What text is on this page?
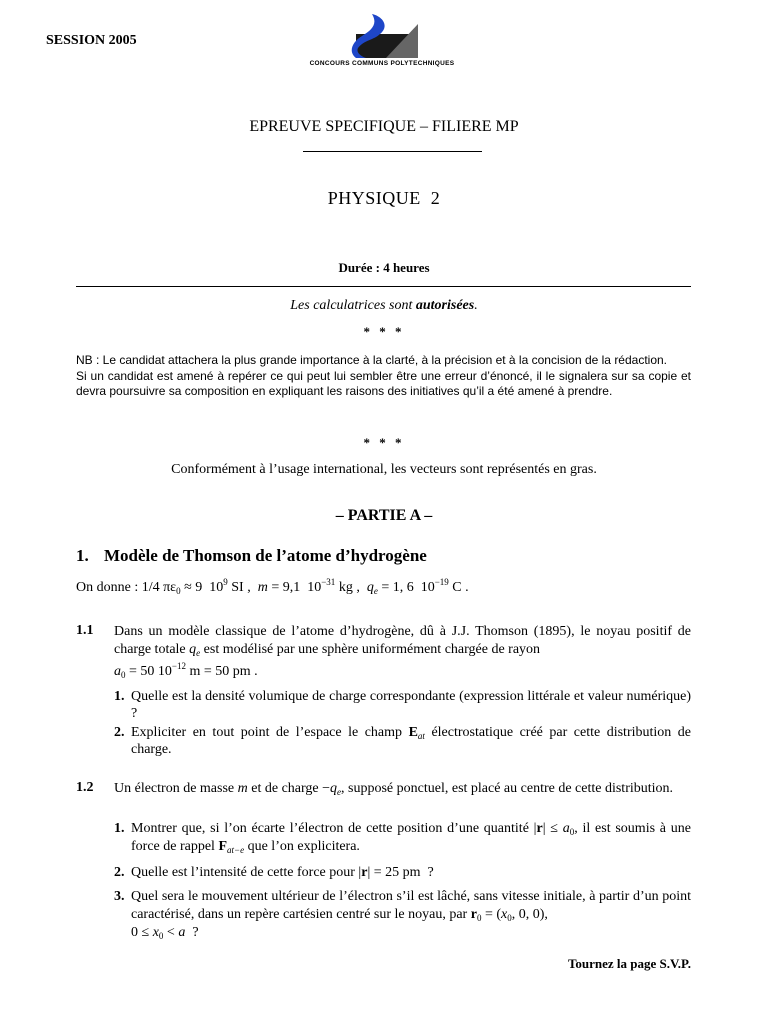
SESSION 2005
CONCOURS COMMUNS POLYTECHNIQUES
EPREUVE SPECIFIQUE – FILIERE MP
PHYSIQUE  2
Durée : 4 heures
Les calculatrices sont autorisées.
* * *

NB : Le candidat attachera la plus grande importance à la clarté, à la précision et à la concision de la rédaction.

Si un candidat est amené à repérer ce qui peut lui sembler être une erreur d’énoncé, il le signalera sur sa copie et devra poursuivre sa composition en expliquant les raisons des initiatives qu’il a été amené à prendre.

* * *
Conformément à l’usage international, les vecteurs sont représentés en gras.
– PARTIE A –
1. Modèle de Thomson de l’atome d’hydrogène
On donne : 1/4 $\pi\varepsilon_0 \approx 9$  $10^9$ SI ,  m = 9,1  $10^{-31}$ kg ,  $q_e = 1$, 6  $10^{-19}$ C .
1.1 Dans un modèle classique de l’atome d’hydrogène, dû à J.J. Thomson (1895), le noyau positif de charge totale $q_e$ est modélisé par une sphère uniformément chargée de rayon
$a_0 = 50$ $10^{-12}$ m = 50 pm .
1. Quelle est la densité volumique de charge correspondante (expression littérale et valeur numérique) ?
2. Expliciter en tout point de l’espace le champ $E_{at}$ électrostatique créé par cette distribution de charge.
1.2 Un électron de masse m et de charge $-q_e$, supposé ponctuel, est placé au centre de cette distribution.
1. Montrer que, si l’on écarte l’électron de cette position d’une quantité $|r| \le a_0$, il est soumis à une force de rappel $F_{at-e}$ que l’on explicitera.
2. Quelle est l’intensité de cette force pour |r| = 25 pm ?
3. Quel sera le mouvement ultérieur de l’électron s’il est lâché, sans vitesse initiale, à partir d’un point caractérisé, dans un repère cartésien centré sur le noyau, par $r_0 = (x_0$, 0, 0),
$0 \le x_0 < a$ ?
Tournez la page S.V.P.
